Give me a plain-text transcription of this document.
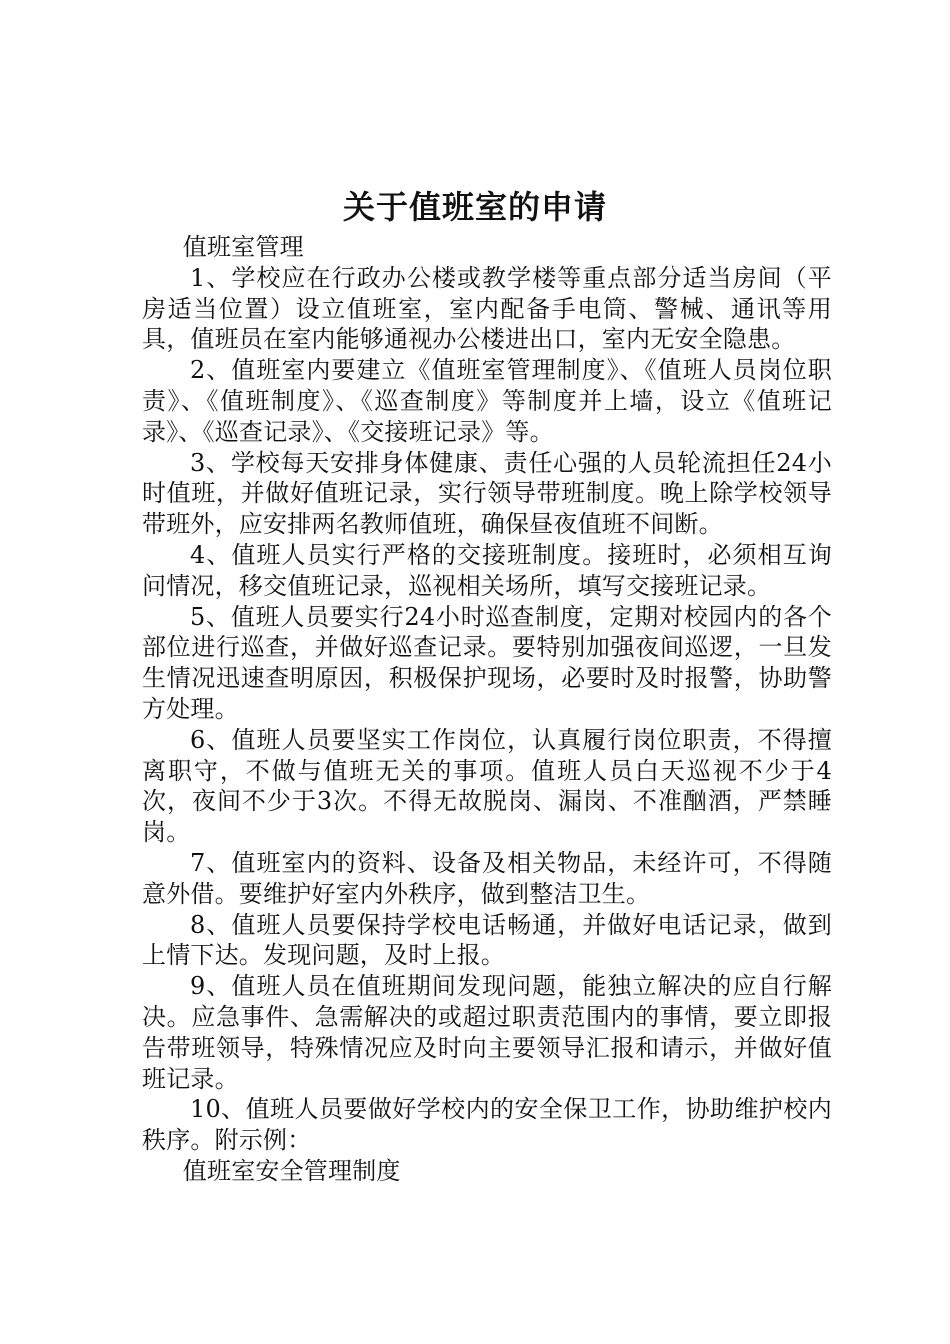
关于值班室的申请

值班室管理

1、学校应在行政办公楼或教学楼等重点部分适当房间（平房适当位置）设立值班室，室内配备手电筒、警械、通讯等用具，值班员在室内能够通视办公楼进出口，室内无安全隐患。

2、值班室内要建立《值班室管理制度》、《值班人员岗位职责》、《值班制度》、《巡查制度》等制度并上墙，设立《值班记录》、《巡查记录》、《交接班记录》等。

3、学校每天安排身体健康、责任心强的人员轮流担任24小时值班，并做好值班记录，实行领导带班制度。晚上除学校领导带班外，应安排两名教师值班，确保昼夜值班不间断。

4、值班人员实行严格的交接班制度。接班时，必须相互询问情况，移交值班记录，巡视相关场所，填写交接班记录。

5、值班人员要实行24小时巡查制度，定期对校园内的各个部位进行巡查，并做好巡查记录。要特别加强夜间巡逻，一旦发生情况迅速查明原因，积极保护现场，必要时及时报警，协助警方处理。

6、值班人员要坚实工作岗位，认真履行岗位职责，不得擅离职守，不做与值班无关的事项。值班人员白天巡视不少于4次，夜间不少于3次。不得无故脱岗、漏岗、不准酗酒，严禁睡岗。

7、值班室内的资料、设备及相关物品，未经许可，不得随意外借。要维护好室内外秩序，做到整洁卫生。

8、值班人员要保持学校电话畅通，并做好电话记录，做到上情下达。发现问题，及时上报。

9、值班人员在值班期间发现问题，能独立解决的应自行解决。应急事件、急需解决的或超过职责范围内的事情，要立即报告带班领导，特殊情况应及时向主要领导汇报和请示，并做好值班记录。

10、值班人员要做好学校内的安全保卫工作，协助维护校内秩序。附示例：

值班室安全管理制度
